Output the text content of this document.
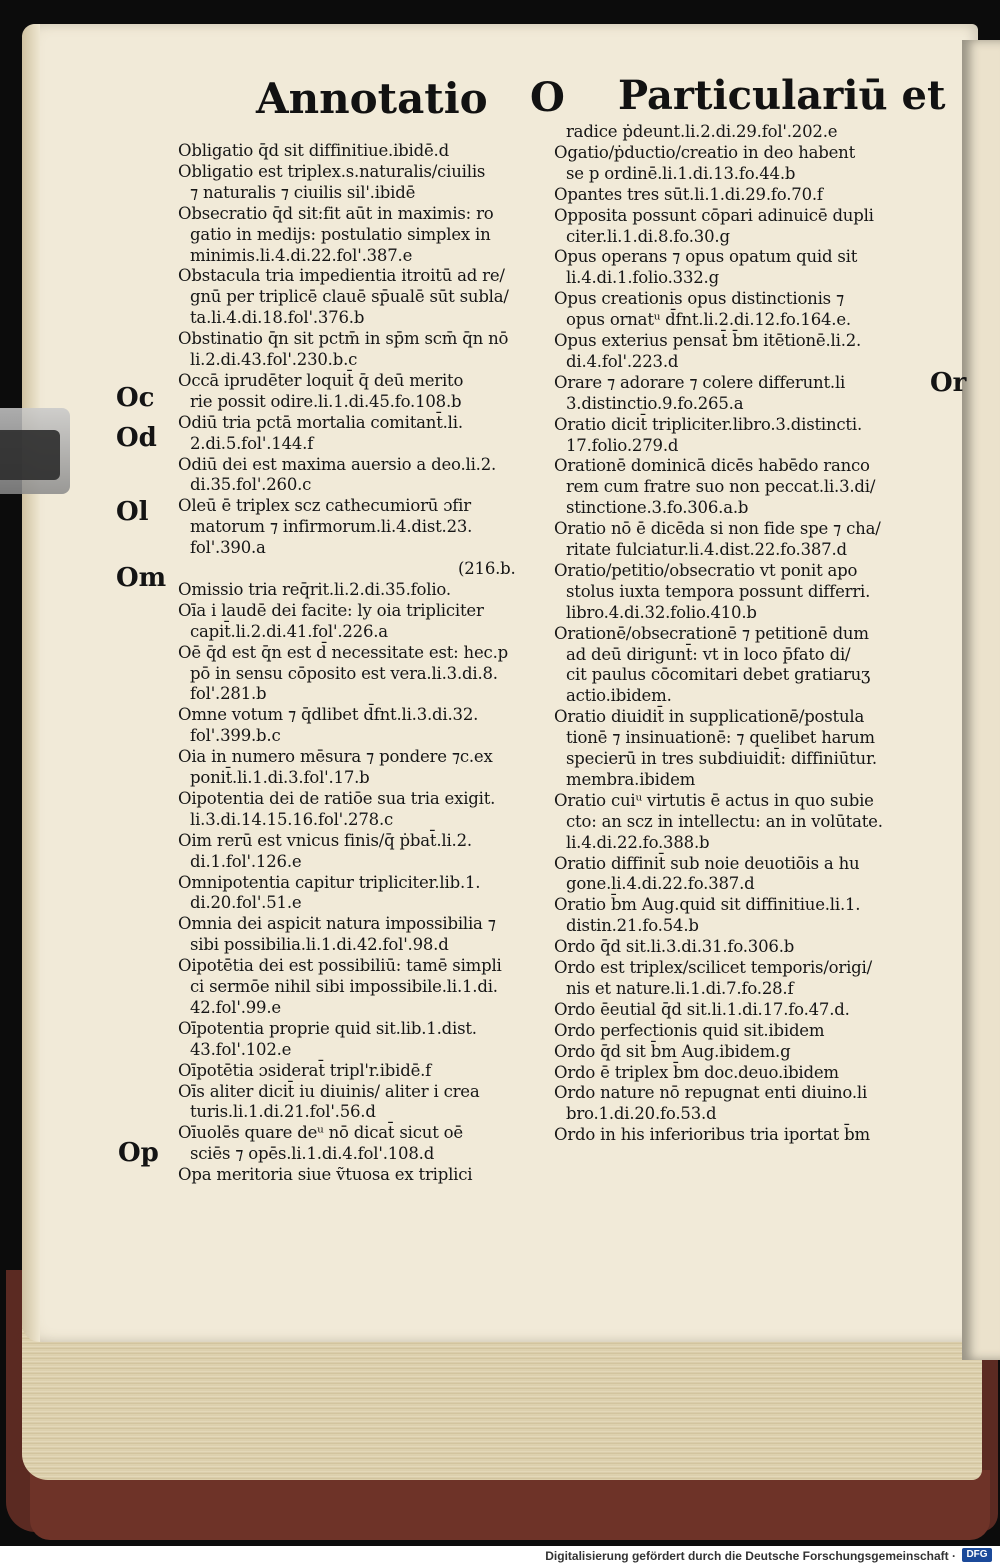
Annotatio O Particulariū et
Obligatio q̄d sit diffinitiue.ibidē.d
Obligatio est triplex.s.naturalis/ciuilis
⁊ naturalis ⁊ ciuilis sil'.ibidē
Obsecratio q̄d sit:fit aūt in maximis: ro
gatio in medijs: postulatio simplex in
minimis.li.4.di.22.fol'.387.e
Obstacula tria impedientia itroitū ad re/
gnū per triplicē clauē sp̄ualē sūt subla/
ta.li.4.di.18.fol'.376.b
Obstinatio q̄n sit pctm̄ in sp̄m scm̄ q̄n nō
li.2.di.43.fol'.230.b.c
Occā iprudēter loquit̄ q̄ deū merito
rie possit odire.li.1.di.45.fo.108.b
Odiū tria pctā mortalia comitant̄.li.
2.di.5.fol'.144.f
Odiū dei est maxima auersio a deo.li.2.
di.35.fol'.260.c
Oleū ē triplex scz cathecumiorū ɔfir
matorum ⁊ infirmorum.li.4.dist.23.
fol'.390.a
(216.b.
Omissio tria req̄rit.li.2.di.35.folio.
Oīa i laudē dei facite: ly oia tripliciter
capit̄.li.2.di.41.fol'.226.a
Oē q̄d est q̄n est d̄ necessitate est: hec.p
pō in sensu cōposito est vera.li.3.di.8.
fol'.281.b
Omne votum ⁊ q̄dlibet d̄fnt.li.3.di.32.
fol'.399.b.c
Oia in numero mēsura ⁊ pondere ⁊c.ex
ponit̄.li.1.di.3.fol'.17.b
Oipotentia dei de ratiōe sua tria exigit.
li.3.di.14.15.16.fol'.278.c
Oim rerū est vnicus finis/q̄ ṗbat̄.li.2.
di.1.fol'.126.e
Omnipotentia capitur tripliciter.lib.1.
di.20.fol'.51.e
Omnia dei aspicit natura impossibilia ⁊
sibi possibilia.li.1.di.42.fol'.98.d
Oipotētia dei est possibiliū: tamē simpli
ci sermōe nihil sibi impossibile.li.1.di.
42.fol'.99.e
Oīpotentia proprie quid sit.lib.1.dist.
43.fol'.102.e
Oīpotētia ɔsiderat̄ tripl'r.ibidē.f
Oīs aliter dicit̄ iu diuinis/ aliter i crea
turis.li.1.di.21.fol'.56.d
Oīuolēs quare deᵘ nō dicat̄ sicut oē
sciēs ⁊ opēs.li.1.di.4.fol'.108.d
Opa meritoria siue ṽtuosa ex triplici
radice ṗdeunt.li.2.di.29.fol'.202.e
Ogatio/ṗductio/creatio in deo habent
se p ordinē.li.1.di.13.fo.44.b
Opantes tres sūt.li.1.di.29.fo.70.f
Opposita possunt cōpari adinuicē dupli
citer.li.1.di.8.fo.30.g
Opus operans ⁊ opus opatum quid sit
li.4.di.1.folio.332.g
Opus creationis opus distinctionis ⁊
opus ornatᵘ d̄fnt.li.2.di.12.fo.164.e.
Opus exterius pensat̄ b̄m itētionē.li.2.
di.4.fol'.223.d
Orare ⁊ adorare ⁊ colere differunt.li
3.distinctio.9.fo.265.a
Oratio dicit̄ tripliciter.libro.3.distincti.
17.folio.279.d
Orationē dominicā dicēs habēdo ranco
rem cum fratre suo non peccat.li.3.di/
stinctione.3.fo.306.a.b
Oratio nō ē dicēda si non fide spe ⁊ cha/
ritate fulciatur.li.4.dist.22.fo.387.d
Oratio/petitio/obsecratio vt ponit apo
stolus iuxta tempora possunt differri.
libro.4.di.32.folio.410.b
Orationē/obsecrationē ⁊ petitionē dum
ad deū dirigunt̄: vt in loco p̄fato di/
cit paulus cōcomitari debet gratiaruʒ
actio.ibidem.
Oratio diuidit̄ in supplicationē/postula
tionē ⁊ insinuationē: ⁊ quelibet harum
specierū in tres subdiuidit̄: diffiniūtur.
membra.ibidem
Oratio cuiᵘ virtutis ē actus in quo subie
cto: an scz in intellectu: an in volūtate.
li.4.di.22.fo.388.b
Oratio diffinit̄ sub noie deuotiōis a hu
gone.li.4.di.22.fo.387.d
Oratio b̄m Aug.quid sit diffinitiue.li.1.
distin.21.fo.54.b
Ordo q̄d sit.li.3.di.31.fo.306.b
Ordo est triplex/scilicet temporis/origi/
nis et nature.li.1.di.7.fo.28.f
Ordo ēeutial q̄d sit.li.1.di.17.fo.47.d.
Ordo perfectionis quid sit.ibidem
Ordo q̄d sit b̄m Aug.ibidem.g
Ordo ē triplex b̄m doc.deuo.ibidem
Ordo nature nō repugnat enti diuino.li
bro.1.di.20.fo.53.d
Ordo in his inferioribus tria iportat b̄m
Oc
Od
Ol
Om
Op
Or
Digitalisierung gefördert durch die Deutsche Forschungsgemeinschaft ·	DFG
